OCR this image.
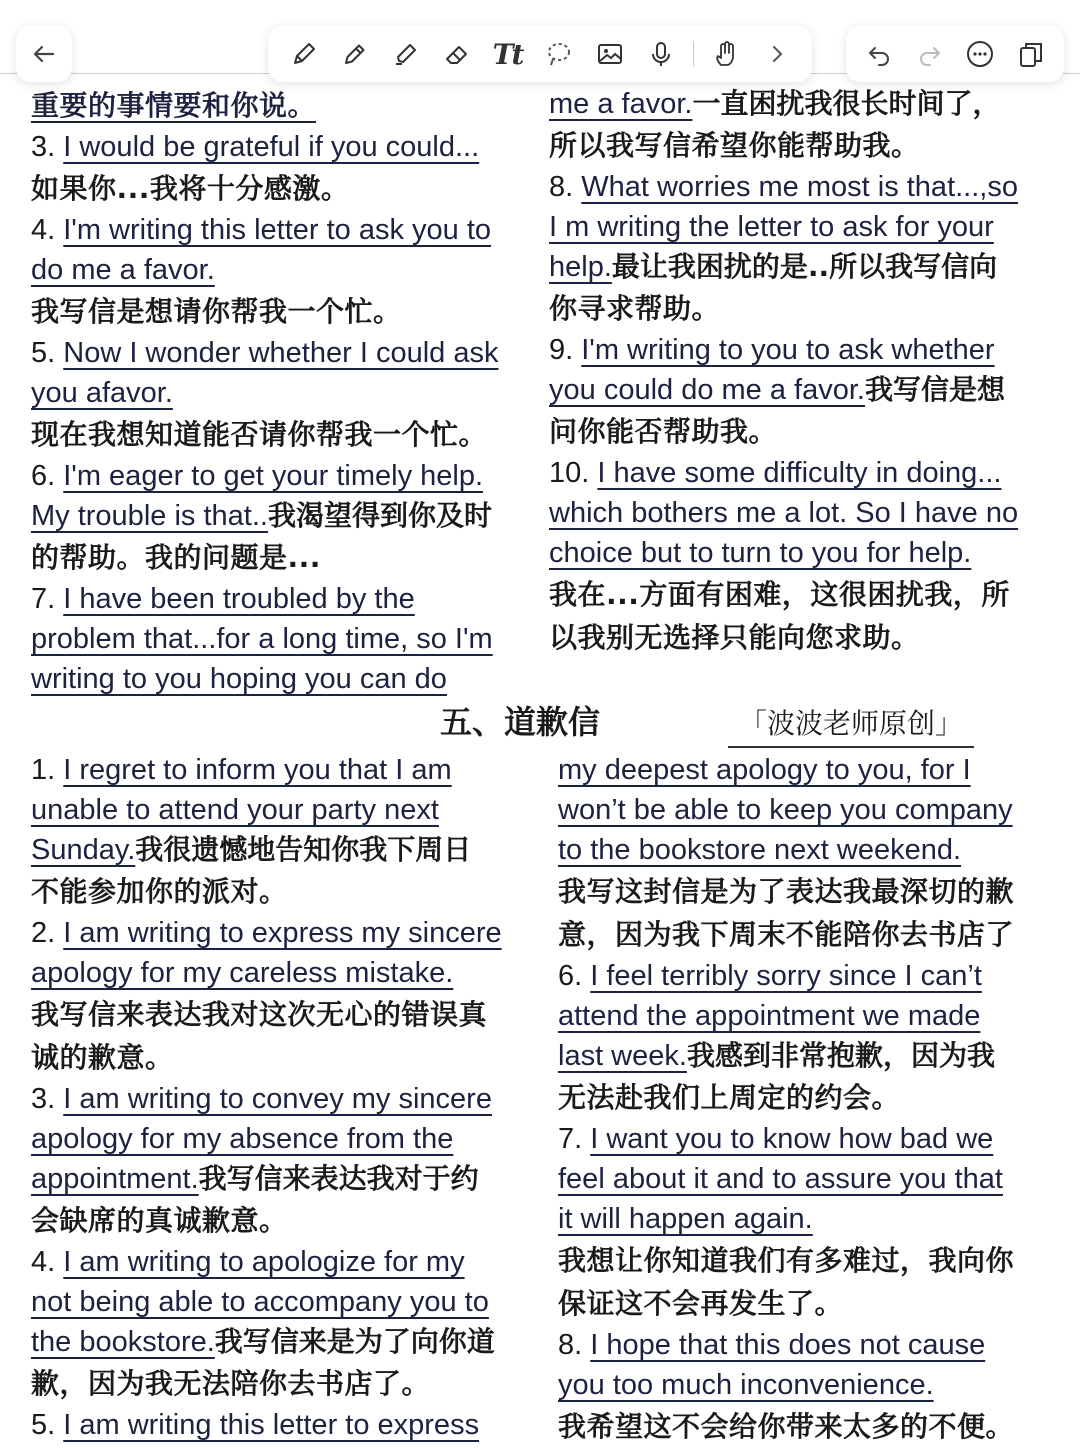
Tt
重要的事情要和你说。
3. I would be grateful if you could...
如果你...我将十分感激。
4. I'm writing this letter to ask you to
do me a favor.
我写信是想请你帮我一个忙。
5. Now I wonder whether I could ask
you afavor.
现在我想知道能否请你帮我一个忙。
6. I'm eager to get your timely help.
My trouble is that..我渴望得到你及时
的帮助。我的问题是...
7. I have been troubled by the
problem that...for a long time, so I'm
writing to you hoping you can do
me a favor.一直困扰我很长时间了，
所以我写信希望你能帮助我。
8. What worries me most is that...,so
I m writing the letter to ask for your
help.最让我困扰的是..所以我写信向
你寻求帮助。
9. I'm writing to you to ask whether
you could do me a favor.我写信是想
问你能否帮助我。
10. I have some difficulty in doing...
which bothers me a lot. So I have no
choice but to turn to you for help.
我在...方面有困难，这很困扰我，所
以我别无选择只能向您求助。
五、道歉信	「波波老师原创」
1. I regret to inform you that I am
unable to attend your party next
Sunday.我很遗憾地告知你我下周日
不能参加你的派对。
2. I am writing to express my sincere
apology for my careless mistake.
我写信来表达我对这次无心的错误真
诚的歉意。
3. I am writing to convey my sincere
apology for my absence from the
appointment.我写信来表达我对于约
会缺席的真诚歉意。
4. I am writing to apologize for my
not being able to accompany you to
the bookstore.我写信来是为了向你道
歉，因为我无法陪你去书店了。
5. I am writing this letter to express
my deepest apology to you, for I
won’t be able to keep you company
to the bookstore next weekend.
我写这封信是为了表达我最深切的歉
意，因为我下周末不能陪你去书店了
6. I feel terribly sorry since I can’t
attend the appointment we made
last week.我感到非常抱歉，因为我
无法赴我们上周定的约会。
7. I want you to know how bad we
feel about it and to assure you that
it will happen again.
我想让你知道我们有多难过，我向你
保证这不会再发生了。
8. I hope that this does not cause
you too much inconvenience.
我希望这不会给你带来太多的不便。
